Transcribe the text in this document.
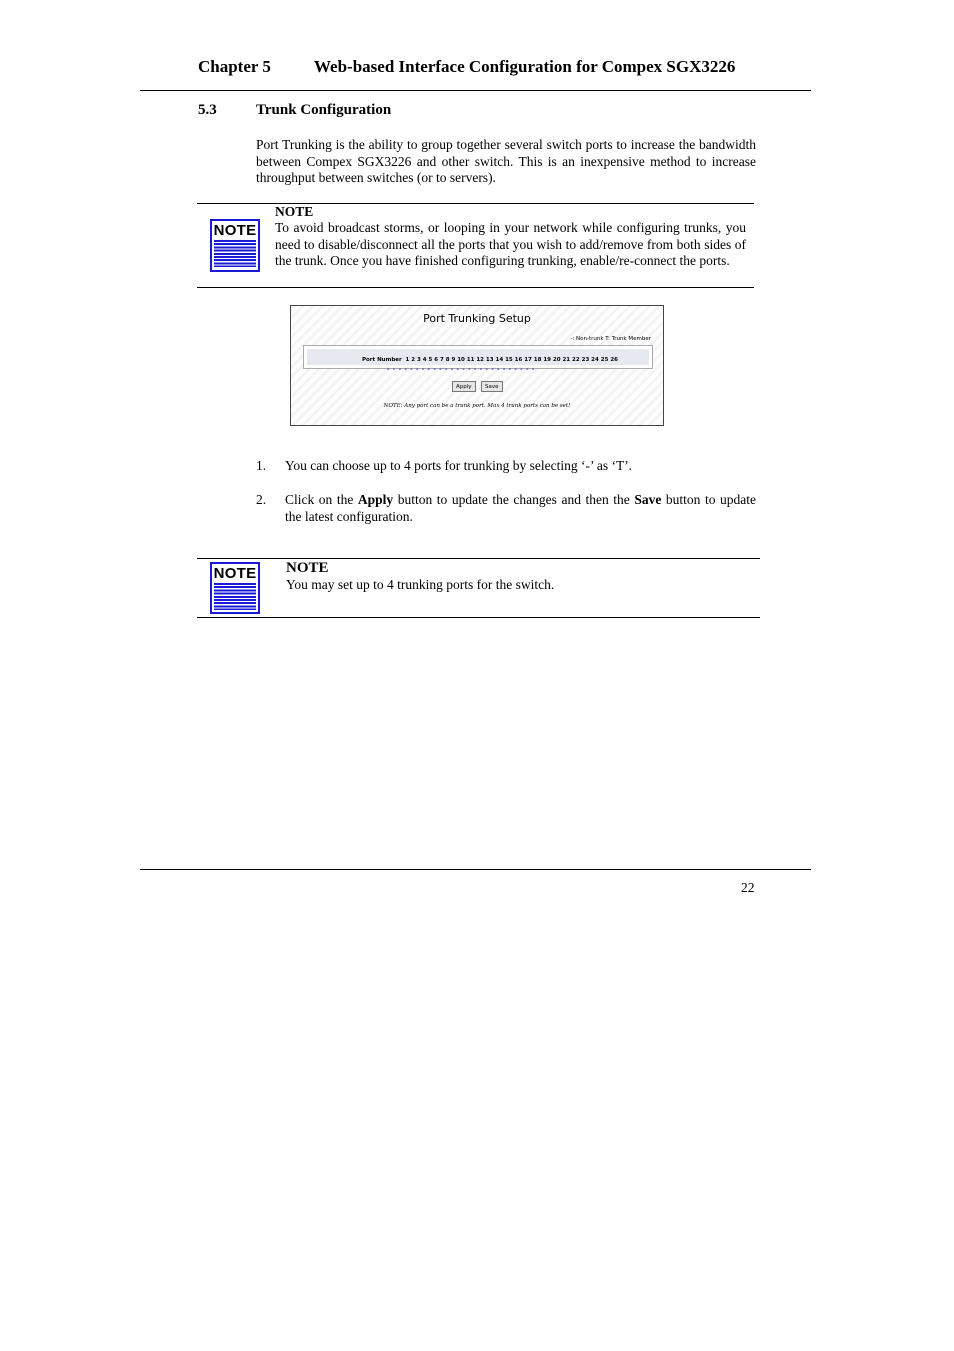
Chapter 5	Web-based Interface Configuration for Compex SGX3226
5.3	Trunk Configuration
Port Trunking is the ability to group together several switch ports to increase the bandwidth between Compex SGX3226 and other switch. This is an inexpensive method to increase throughput between switches (or to servers).
NOTE
NOTE
To avoid broadcast storms, or looping in your network while configuring trunks, you need to disable/disconnect all the ports that you wish to add/remove from both sides of the trunk. Once you have finished configuring trunking, enable/re-connect the ports.
Port Trunking Setup
-: Non-trunk T: Trunk Member
Port Number 1 2 3 4 5 6 7 8 9 10 11 12 13 14 15 16 17 18 19 20 21 22 23 24 25 26
--------------------------
Apply	Save
NOTE: Any port can be a trunk port. Max 4 trunk ports can be set!
1. You can choose up to 4 ports for trunking by selecting ‘-’ as ‘T’.
2. Click on the Apply button to update the changes and then the Save button to update the latest configuration.
NOTE NOTE
You may set up to 4 trunking ports for the switch.
22
